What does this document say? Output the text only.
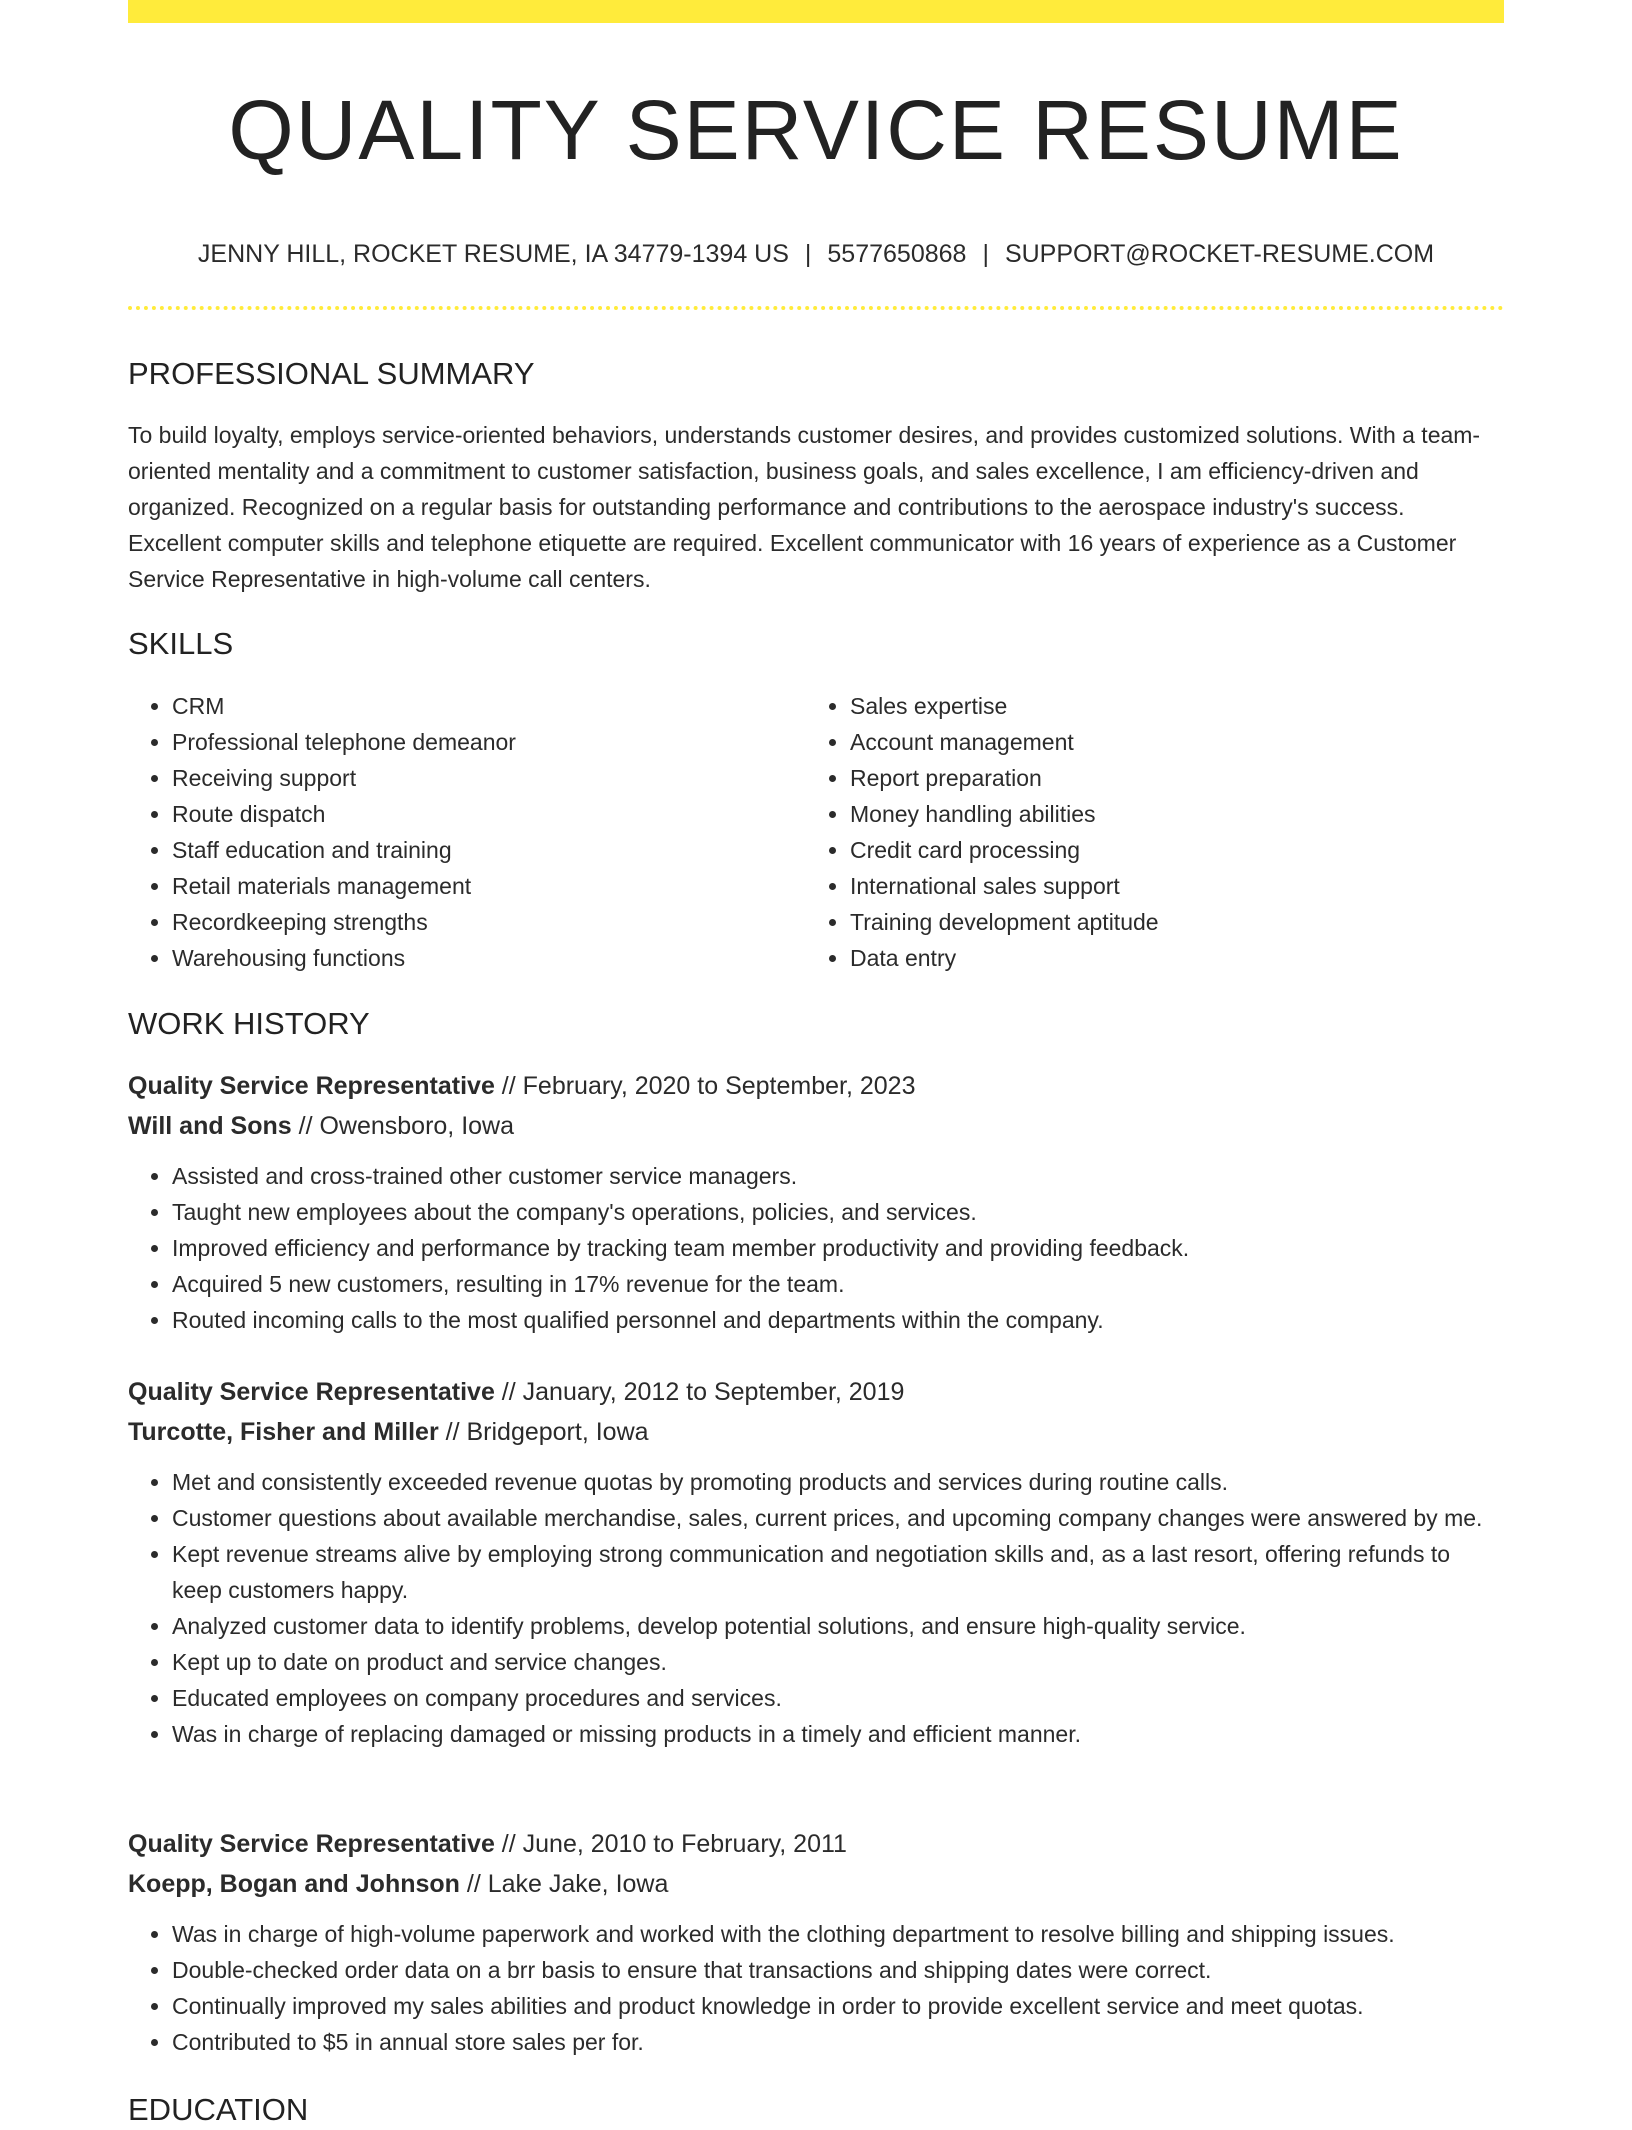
QUALITY SERVICE RESUME
JENNY HILL, ROCKET RESUME, IA 34779-1394 US | 5577650868 | SUPPORT@ROCKET-RESUME.COM
PROFESSIONAL SUMMARY

To build loyalty, employs service-oriented behaviors, understands customer desires, and provides customized solutions. With a team-oriented mentality and a commitment to customer satisfaction, business goals, and sales excellence, I am efficiency-driven and organized. Recognized on a regular basis for outstanding performance and contributions to the aerospace industry's success. Excellent computer skills and telephone etiquette are required. Excellent communicator with 16 years of experience as a Customer Service Representative in high-volume call centers.

SKILLS
• CRM
• Professional telephone demeanor
• Receiving support
• Route dispatch
• Staff education and training
• Retail materials management
• Recordkeeping strengths
• Warehousing functions
• Sales expertise
• Account management
• Report preparation
• Money handling abilities
• Credit card processing
• International sales support
• Training development aptitude
• Data entry
WORK HISTORY
Quality Service Representative // February, 2020 to September, 2023
Will and Sons // Owensboro, Iowa
• Assisted and cross-trained other customer service managers.
• Taught new employees about the company's operations, policies, and services.
• Improved efficiency and performance by tracking team member productivity and providing feedback.
• Acquired 5 new customers, resulting in 17% revenue for the team.
• Routed incoming calls to the most qualified personnel and departments within the company.
Quality Service Representative // January, 2012 to September, 2019
Turcotte, Fisher and Miller // Bridgeport, Iowa
• Met and consistently exceeded revenue quotas by promoting products and services during routine calls.
• Customer questions about available merchandise, sales, current prices, and upcoming company changes were answered by me.
• Kept revenue streams alive by employing strong communication and negotiation skills and, as a last resort, offering refunds to keep customers happy.
• Analyzed customer data to identify problems, develop potential solutions, and ensure high-quality service.
• Kept up to date on product and service changes.
• Educated employees on company procedures and services.
• Was in charge of replacing damaged or missing products in a timely and efficient manner.
Quality Service Representative // June, 2010 to February, 2011
Koepp, Bogan and Johnson // Lake Jake, Iowa
• Was in charge of high-volume paperwork and worked with the clothing department to resolve billing and shipping issues.
• Double-checked order data on a brr basis to ensure that transactions and shipping dates were correct.
• Continually improved my sales abilities and product knowledge in order to provide excellent service and meet quotas.
• Contributed to $5 in annual store sales per for.
EDUCATION
